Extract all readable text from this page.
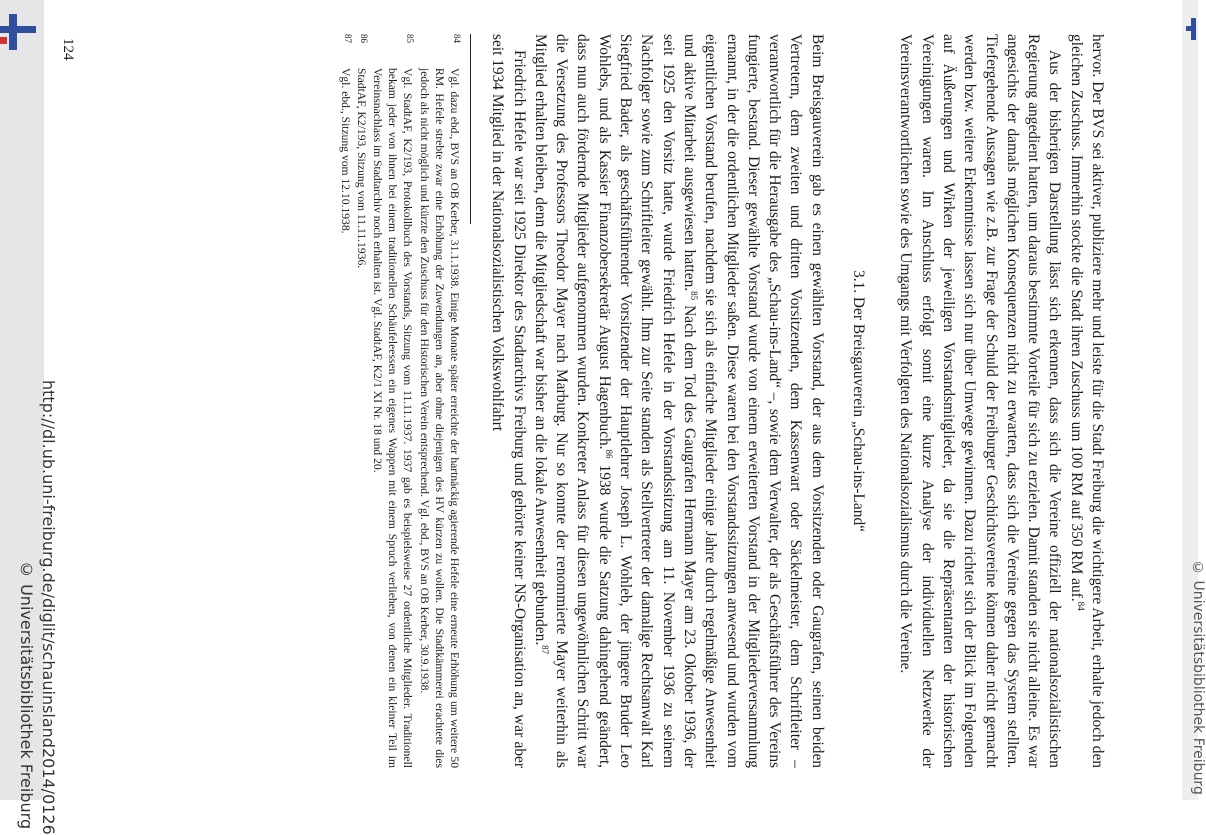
http://dl.ub.uni-freiburg.de/diglit/schauinsland2014/0126
© Universitätsbibliothek Freiburg	© Universitätsbibliothek Freiburg

hervor. Der BVS sei aktiver, publiziere mehr und leiste für die Stadt Freiburg die wichtigere Arbeit, erhalte jedoch den gleichen Zuschuss. Immerhin stockte die Stadt ihren Zuschuss um 100 RM auf 350 RM auf.$^{84}$

Aus der bisherigen Darstellung lässt sich erkennen, dass sich die Vereine offiziell der nationalsozialistischen Regierung angedient hatten, um daraus bestimmte Vorteile für sich zu erzielen. Damit standen sie nicht alleine. Es war angesichts der damals möglichen Konsequenzen nicht zu erwarten, dass sich die Vereine gegen das System stellten. Tiefergehende Aussagen wie z.B. zur Frage der Schuld der Freiburger Geschichtsvereine können daher nicht gemacht werden bzw. weitere Erkenntnisse lassen sich nur über Umwege gewinnen. Dazu richtet sich der Blick im Folgenden auf Äußerungen und Wirken der jeweiligen Vorstandsmitglieder, da sie die Repräsentanten der historischen Vereinigungen waren. Im Anschluss erfolgt somit eine kurze Analyse der individuellen Netzwerke der Vereinsverantwortlichen sowie des Umgangs mit Verfolgten des Nationalsozialismus durch die Vereine.

3.1. Der Breisgauverein „Schau-ins-Land“

Beim Breisgauverein gab es einen gewählten Vorstand, der aus dem Vorsitzenden oder Gaugrafen, seinen beiden Vertretern, dem zweiten und dritten Vorsitzenden, dem Kassenwart oder Säckelmeister, dem Schriftleiter – verantwortlich für die Herausgabe des „Schau-ins-Land“ –, sowie dem Verwalter, der als Geschäftsführer des Vereins fungierte, bestand. Dieser gewählte Vorstand wurde von einem erweiterten Vorstand in der Mitgliederversammlung ernannt, in der die ordentlichen Mitglieder saßen. Diese waren bei den Vorstandssitzungen anwesend und wurden vom eigentlichen Vorstand berufen, nachdem sie sich als einfache Mitglieder einige Jahre durch regelmäßige Anwesenheit und aktive Mitarbeit ausgewiesen hatten.$^{85}$ Nach dem Tod des Gaugrafen Hermann Mayer am 23. Oktober 1936, der seit 1925 den Vorsitz hatte, wurde Friedrich Hefele in der Vorstandssitzung am 11. November 1936 zu seinem Nachfolger sowie zum Schriftleiter gewählt. Ihm zur Seite standen als Stellvertreter der damalige Rechtsanwalt Karl Siegfried Bader, als geschäftsführender Vorsitzender der Hauptlehrer Joseph L. Wohleb, der jüngere Bruder Leo Wohlebs, und als Kassier Finanzobersekretär August Hagenbuch.$^{86}$ 1938 wurde die Satzung dahingehend geändert, dass nun auch fördernde Mitglieder aufgenommen wurden. Konkreter Anlass für diesen ungewöhnlichen Schritt war die Versetzung des Professors Theodor Mayer nach Marburg. Nur so konnte der renommierte Mayer weiterhin als Mitglied erhalten bleiben, denn die Mitgliedschaft war bisher an die lokale Anwesenheit gebunden.$^{87}$

Friedrich Hefele war seit 1925 Direktor des Stadtarchivs Freiburg und gehörte keiner NS-Organisation an, war aber seit 1934 Mitglied in der Nationalsozialistischen Volkswohlfahrt

84
Vgl. dazu ebd., BVS an OB Kerber, 31.1.1938. Einige Monate später erreichte der hartnäckig agierende Hefele eine erneute Erhöhung um weitere 50 RM. Hefele strebte zwar eine Erhöhung der Zuwendungen an, aber ohne diejenigen des HV kürzen zu wollen. Die Stadtkämmerei erachtete dies jedoch als nicht möglich und kürzte den Zuschuss für den Historischen Verein entsprechend. Vgl. ebd., BVS an OB Kerber, 30.9.1938.
85
Vgl. StadtAF, K2/193, Protokollbuch des Vorstands, Sitzung vom 11.11.1937. 1937 gab es beispielsweise 27 ordentliche Mitglieder. Traditionell bekam jeder von ihnen bei einem traditionellen Schäufeleessen ein eigenes Wappen mit einem Spruch verliehen, von denen ein kleiner Teil im Vereinsnachlass im Stadtarchiv noch erhalten ist. Vgl. StadtAF, K2/1 XI Nr. 18 und 20.
86
StadtAF, K2/193, Sitzung vom 11.11.1936.
87
Vgl. ebd., Sitzung vom 12.10.1938.
124
